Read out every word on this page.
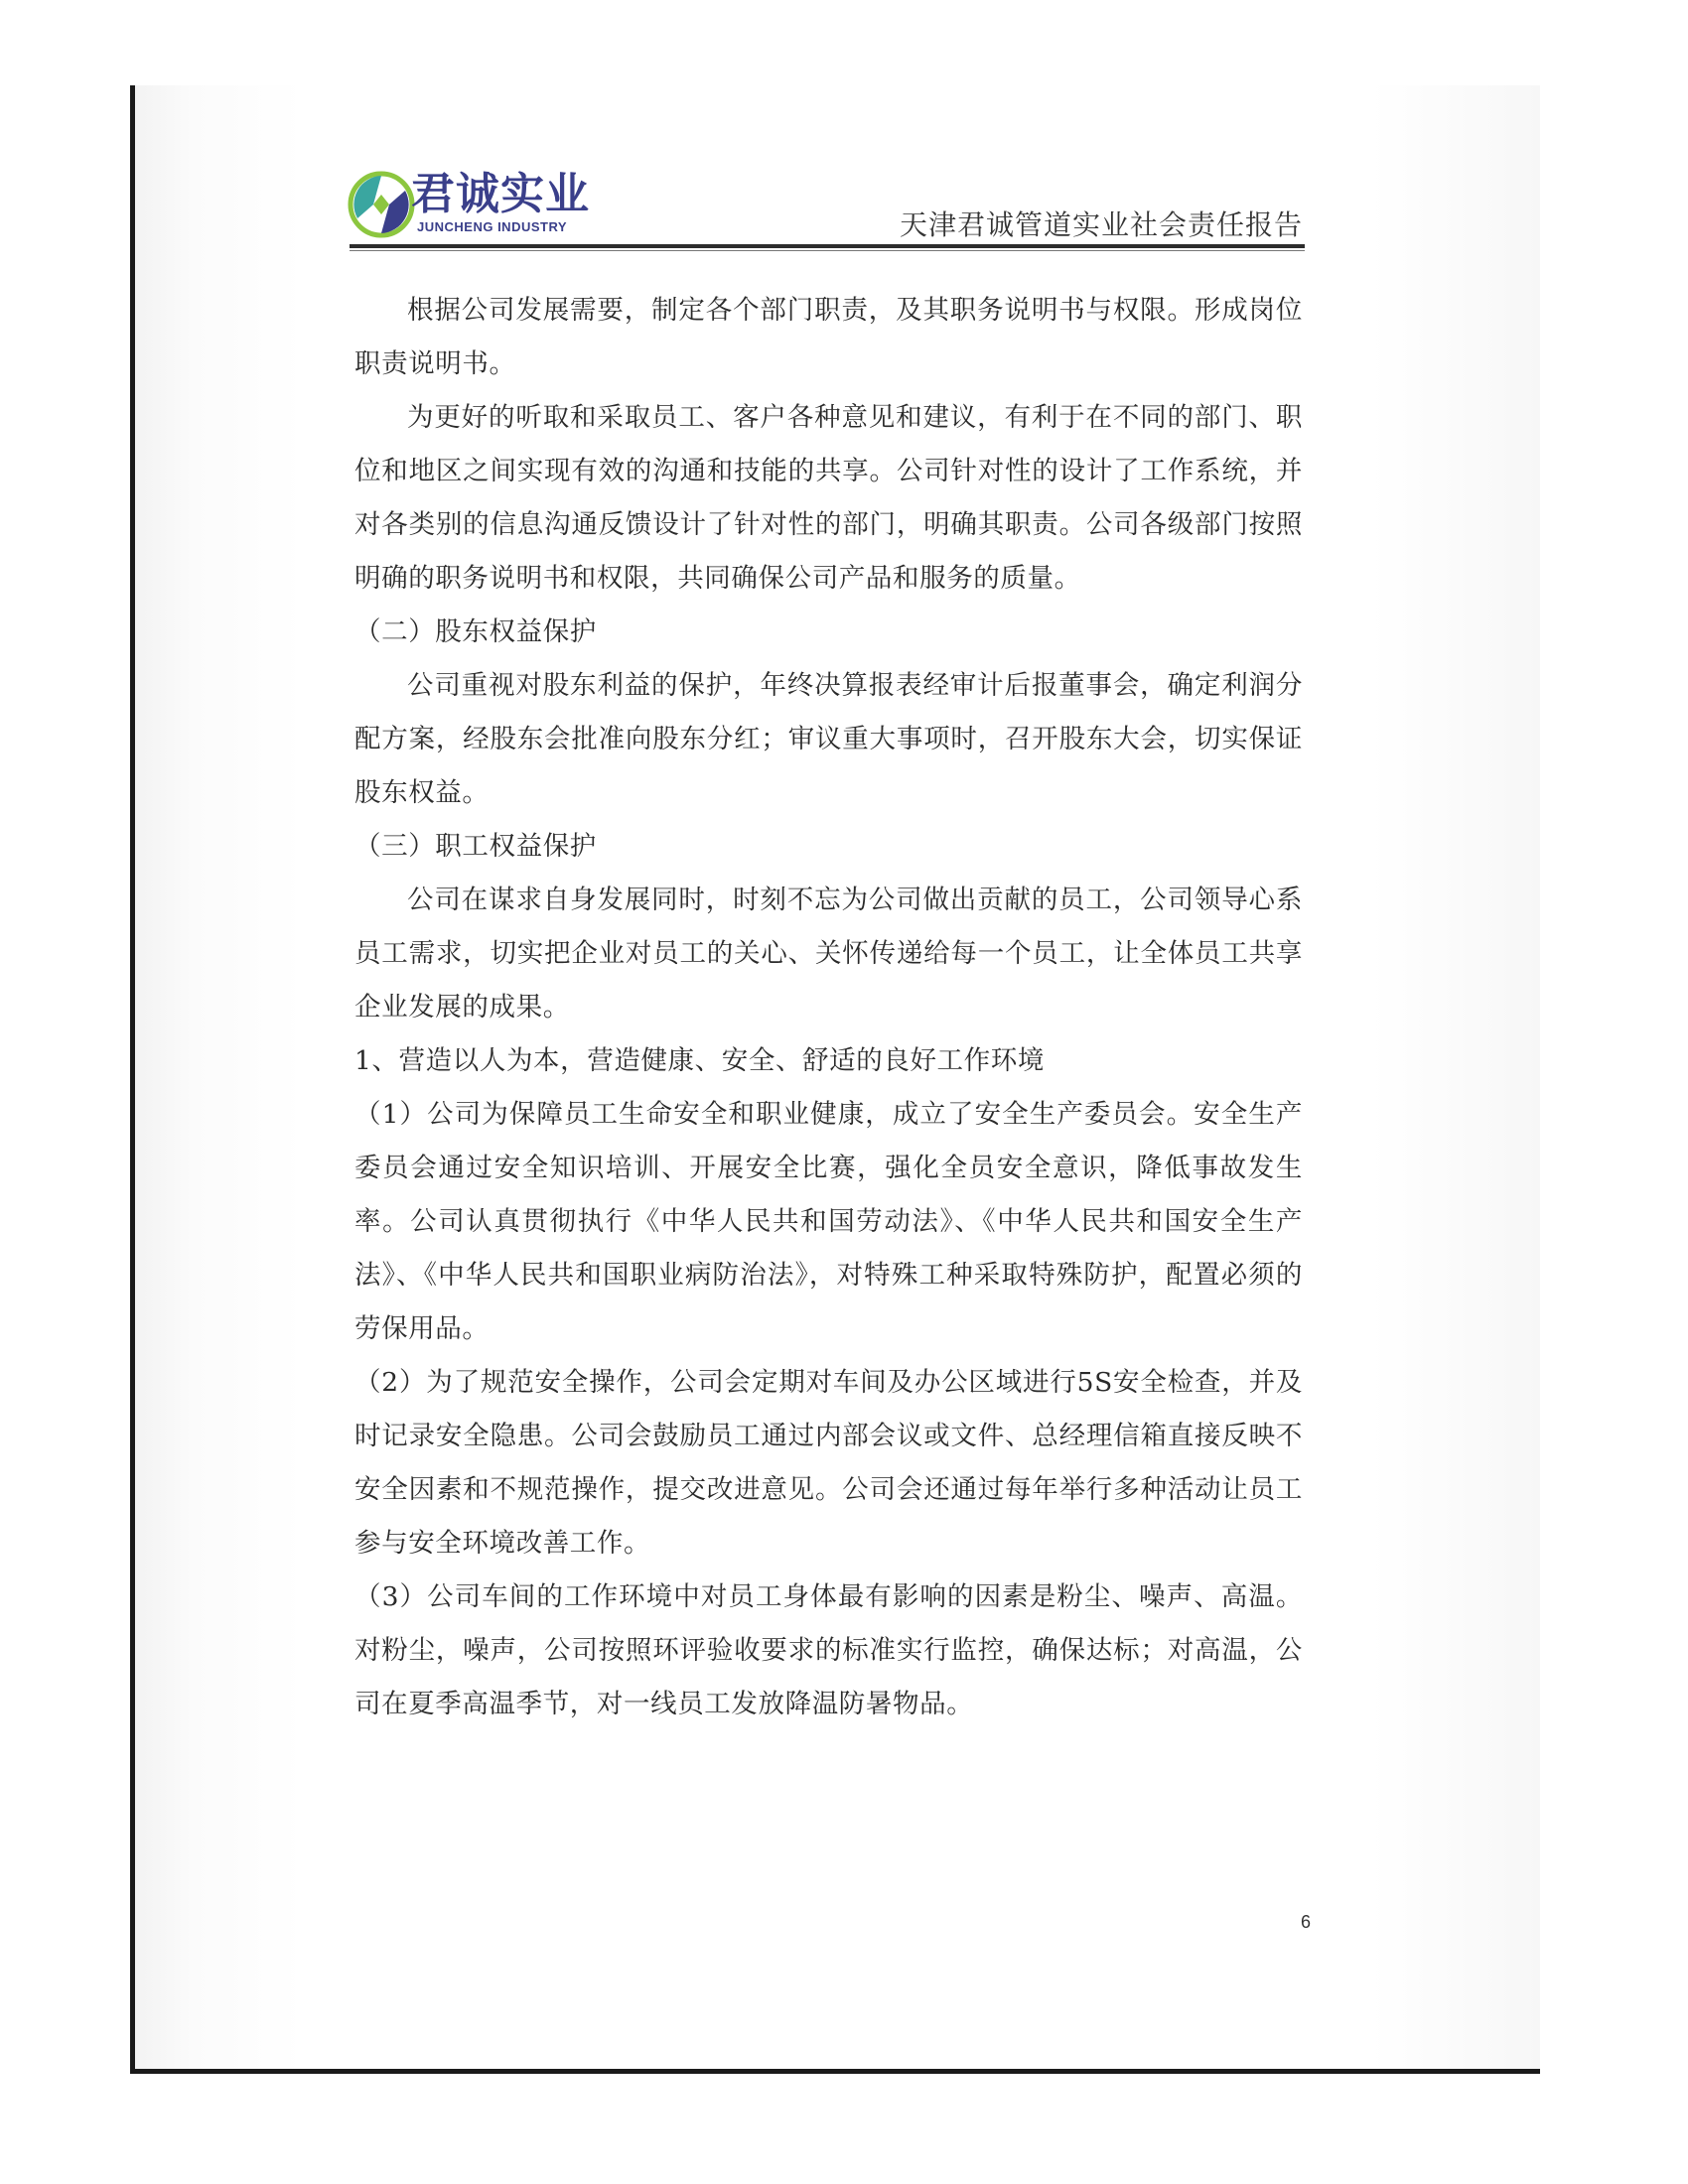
君诚实业
JUNCHENG INDUSTRY	天津君诚管道实业社会责任报告

根据公司发展需要，制定各个部门职责，及其职务说明书与权限。形成岗位职责说明书。

为更好的听取和采取员工、客户各种意见和建议，有利于在不同的部门、职位和地区之间实现有效的沟通和技能的共享。公司针对性的设计了工作系统，并对各类别的信息沟通反馈设计了针对性的部门，明确其职责。公司各级部门按照明确的职务说明书和权限，共同确保公司产品和服务的质量。

（二）股东权益保护

公司重视对股东利益的保护，年终决算报表经审计后报董事会，确定利润分配方案，经股东会批准向股东分红；审议重大事项时，召开股东大会，切实保证股东权益。

（三）职工权益保护

公司在谋求自身发展同时，时刻不忘为公司做出贡献的员工，公司领导心系员工需求，切实把企业对员工的关心、关怀传递给每一个员工，让全体员工共享企业发展的成果。

1、营造以人为本，营造健康、安全、舒适的良好工作环境

（1）公司为保障员工生命安全和职业健康，成立了安全生产委员会。安全生产委员会通过安全知识培训、开展安全比赛，强化全员安全意识，降低事故发生率。公司认真贯彻执行《中华人民共和国劳动法》、《中华人民共和国安全生产法》、《中华人民共和国职业病防治法》，对特殊工种采取特殊防护，配置必须的劳保用品。

（2）为了规范安全操作，公司会定期对车间及办公区域进行5S安全检查，并及时记录安全隐患。公司会鼓励员工通过内部会议或文件、总经理信箱直接反映不安全因素和不规范操作，提交改进意见。公司会还通过每年举行多种活动让员工参与安全环境改善工作。

（3）公司车间的工作环境中对员工身体最有影响的因素是粉尘、噪声、高温。对粉尘，噪声，公司按照环评验收要求的标准实行监控，确保达标；对高温，公司在夏季高温季节，对一线员工发放降温防暑物品。

6
